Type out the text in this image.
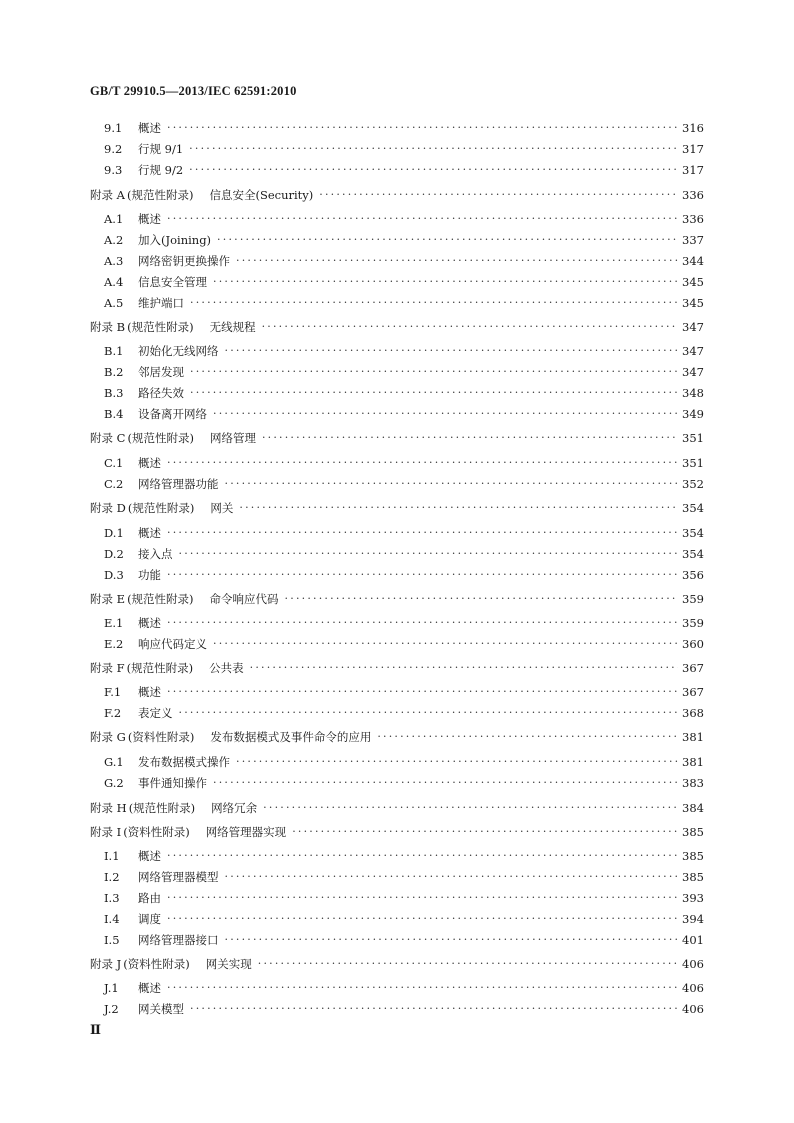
GB/T 29910.5—2013/IEC 62591:2010
9.1	概述 ·····	316
9.2	行规 9/1 ·····	317
9.3	行规 9/2 ·····	317
附录 A (规范性附录) 信息安全(Security) ·····	336
A.1	概述 ·····	336
A.2	加入(Joining) ·····	337
A.3	网络密钥更换操作 ·····	344
A.4	信息安全管理 ·····	345
A.5	维护端口 ·····	345
附录 B (规范性附录) 无线规程 ·····	347
B.1	初始化无线网络 ·····	347
B.2	邻居发现 ·····	347
B.3	路径失效 ·····	348
B.4	设备离开网络 ·····	349
附录 C (规范性附录) 网络管理 ·····	351
C.1	概述 ·····	351
C.2	网络管理器功能 ·····	352
附录 D (规范性附录) 网关 ·····	354
D.1	概述 ·····	354
D.2	接入点 ·····	354
D.3	功能 ·····	356
附录 E (规范性附录) 命令响应代码 ·····	359
E.1	概述 ·····	359
E.2	响应代码定义 ·····	360
附录 F (规范性附录) 公共表 ·····	367
F.1	概述 ·····	367
F.2	表定义 ·····	368
附录 G (资料性附录) 发布数据模式及事件命令的应用 ·····	381
G.1	发布数据模式操作 ·····	381
G.2	事件通知操作 ·····	383
附录 H (规范性附录) 网络冗余 ·····	384
附录 I (资料性附录) 网络管理器实现 ·····	385
I.1	概述 ·····	385
I.2	网络管理器模型 ·····	385
I.3	路由 ·····	393
I.4	调度 ·····	394
I.5	网络管理器接口 ·····	401
附录 J (资料性附录) 网关实现 ·····	406
J.1	概述 ·····	406
J.2	网关模型 ·····	406
Ⅱ
